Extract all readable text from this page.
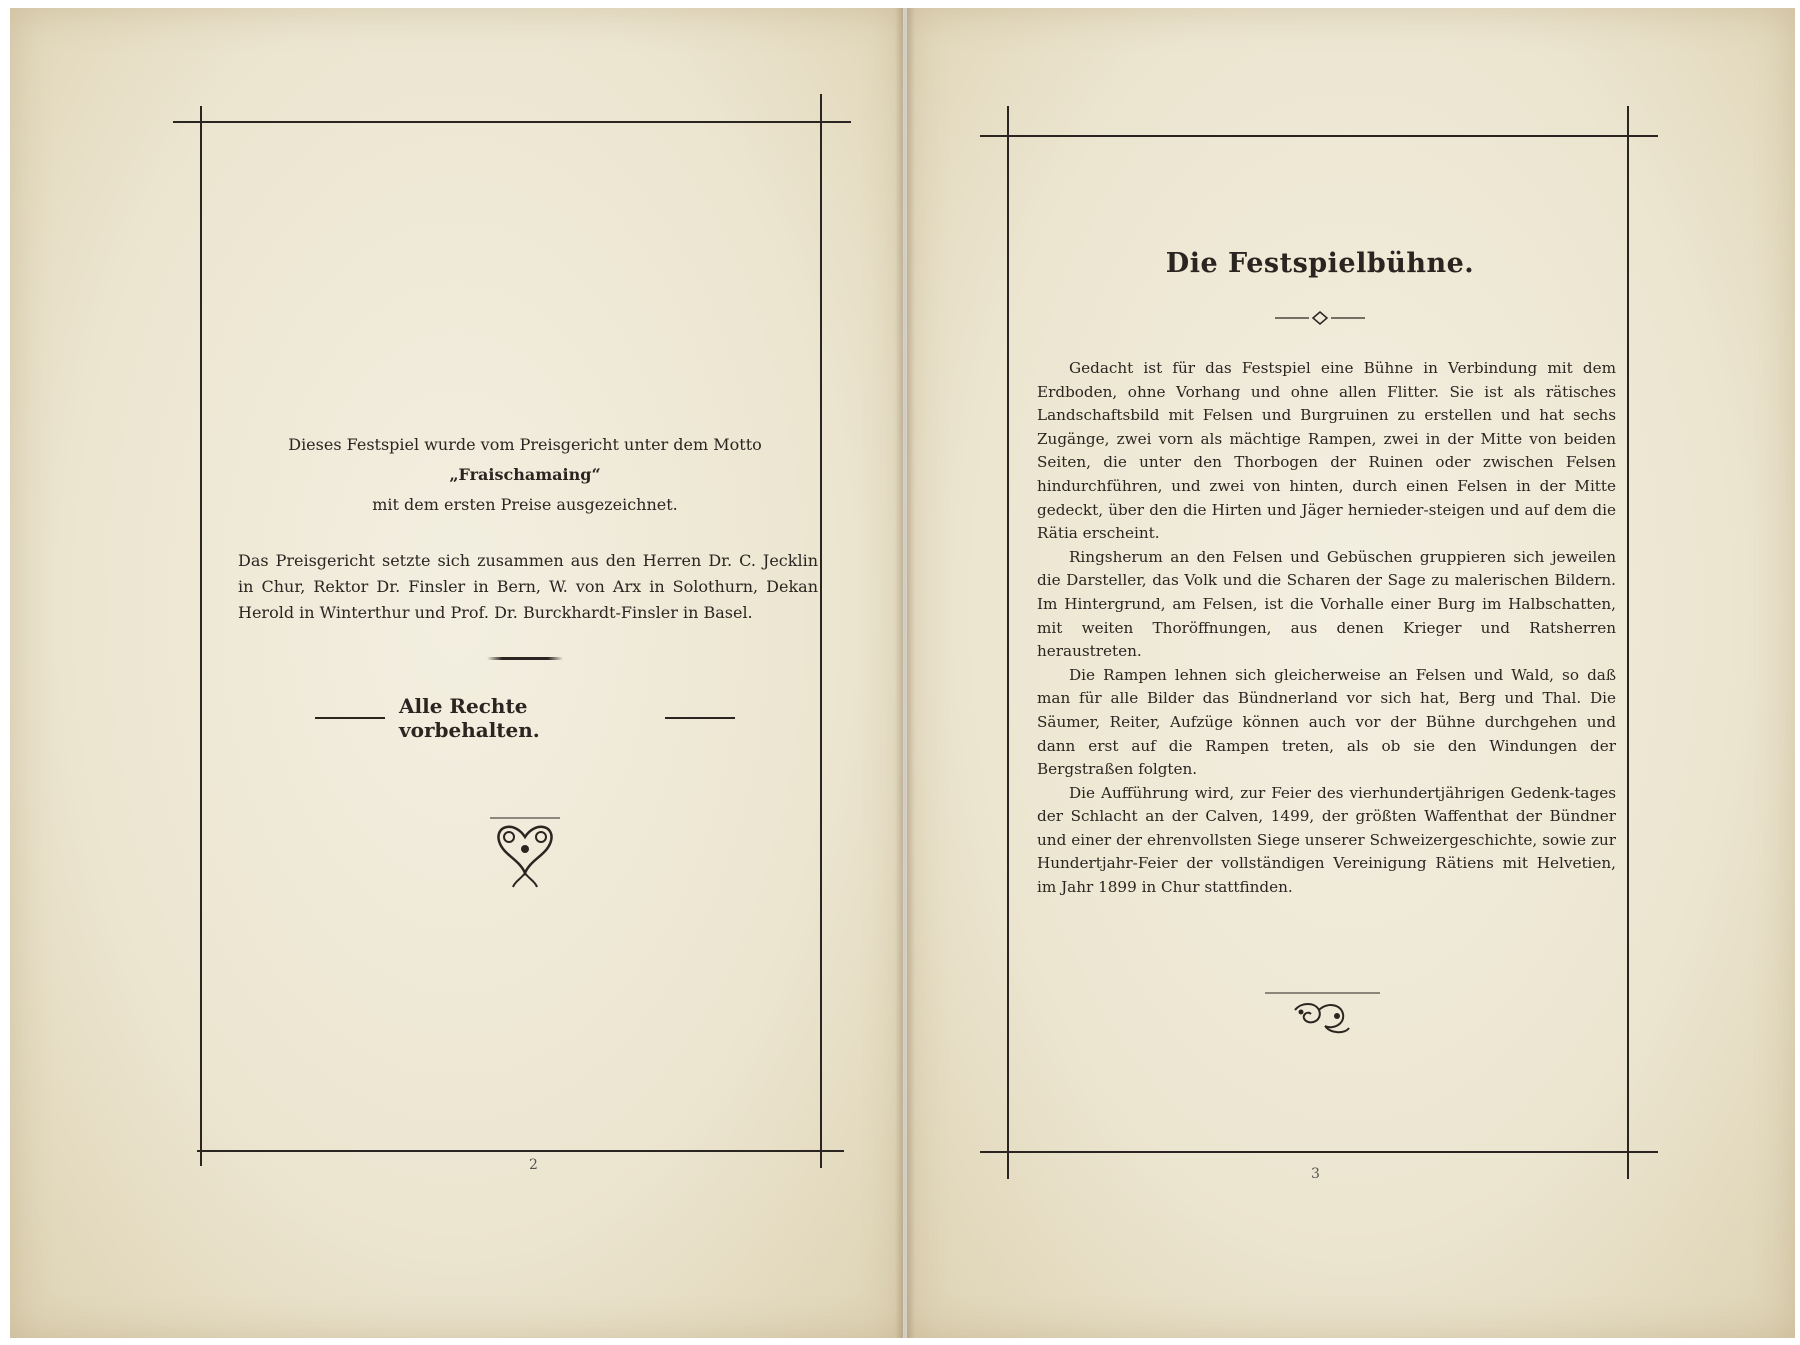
Dieses Festspiel wurde vom Preisgericht unter dem Motto
„Fraischamaing“
mit dem ersten Preise ausgezeichnet.
Das Preisgericht setzte sich zusammen aus den Herren Dr. C. Jecklin in Chur, Rektor Dr. Finsler in Bern, W. von Arx in Solothurn, Dekan Herold in Winterthur und Prof. Dr. Burckhardt-Finsler in Basel.
Alle Rechte vorbehalten.
2
Die Festspielbühne.

Gedacht ist für das Festspiel eine Bühne in Verbindung mit dem Erdboden, ohne Vorhang und ohne allen Flitter. Sie ist als rätisches Landschaftsbild mit Felsen und Burgruinen zu erstellen und hat sechs Zugänge, zwei vorn als mächtige Rampen, zwei in der Mitte von beiden Seiten, die unter den Thorbogen der Ruinen oder zwischen Felsen hindurchführen, und zwei von hinten, durch einen Felsen in der Mitte gedeckt, über den die Hirten und Jäger hernieder-steigen und auf dem die Rätia erscheint.

Ringsherum an den Felsen und Gebüschen gruppieren sich jeweilen die Darsteller, das Volk und die Scharen der Sage zu malerischen Bildern. Im Hintergrund, am Felsen, ist die Vorhalle einer Burg im Halbschatten, mit weiten Thoröffnungen, aus denen Krieger und Ratsherren heraustreten.

Die Rampen lehnen sich gleicherweise an Felsen und Wald, so daß man für alle Bilder das Bündnerland vor sich hat, Berg und Thal. Die Säumer, Reiter, Aufzüge können auch vor der Bühne durchgehen und dann erst auf die Rampen treten, als ob sie den Windungen der Bergstraßen folgten.

Die Aufführung wird, zur Feier des vierhundertjährigen Gedenk-tages der Schlacht an der Calven, 1499, der größten Waffenthat der Bündner und einer der ehrenvollsten Siege unserer Schweizergeschichte, sowie zur Hundertjahr-Feier der vollständigen Vereinigung Rätiens mit Helvetien, im Jahr 1899 in Chur stattfinden.

3
